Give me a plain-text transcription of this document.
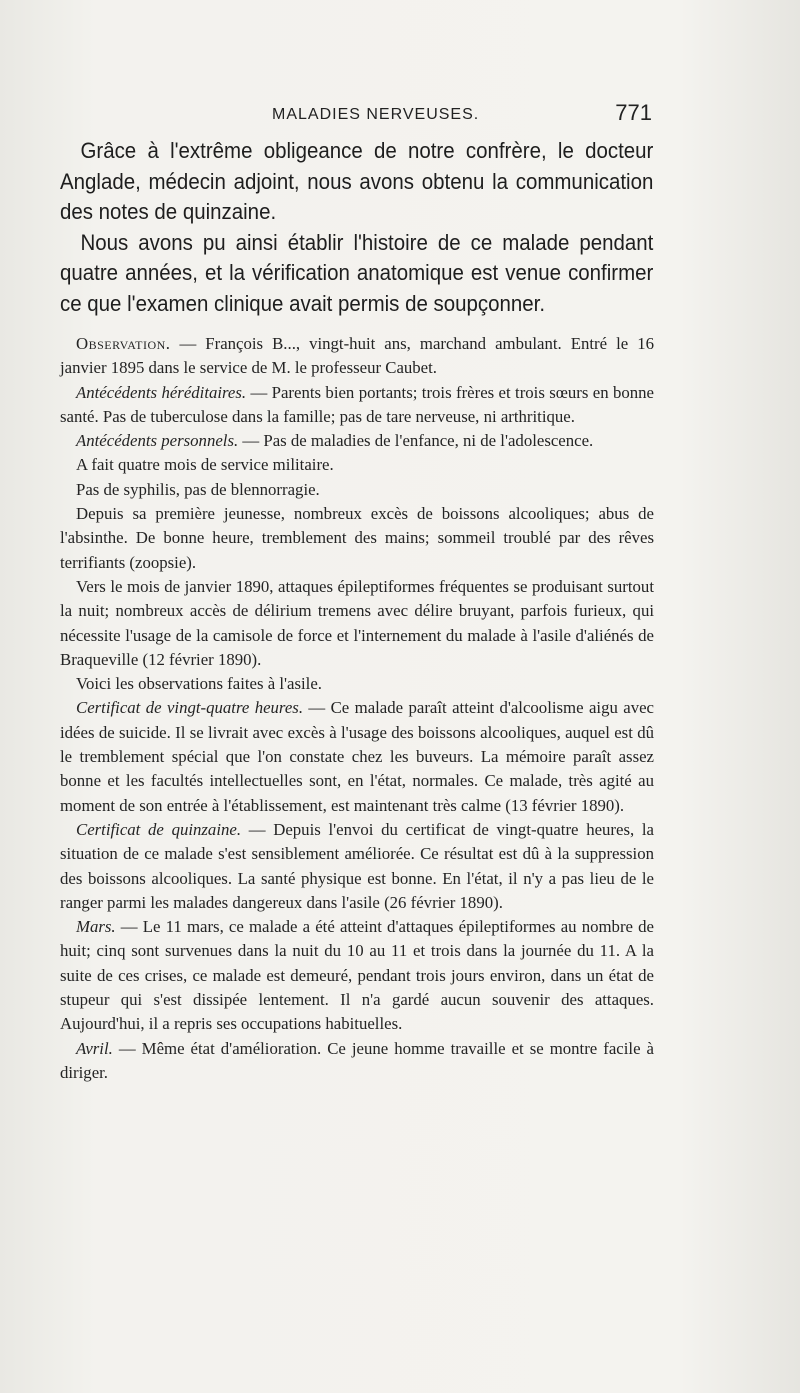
MALADIES NERVEUSES.	771

Grâce à l'extrême obligeance de notre confrère, le docteur Anglade, médecin adjoint, nous avons obtenu la communication des notes de quinzaine.

Nous avons pu ainsi établir l'histoire de ce malade pendant quatre années, et la vérification anatomique est venue confirmer ce que l'examen clinique avait permis de soupçonner.

Observation. — François B..., vingt-huit ans, marchand ambulant. Entré le 16 janvier 1895 dans le service de M. le professeur Caubet.

Antécédents héréditaires. — Parents bien portants; trois frères et trois sœurs en bonne santé. Pas de tuberculose dans la famille; pas de tare nerveuse, ni arthritique.

Antécédents personnels. — Pas de maladies de l'enfance, ni de l'adolescence.

A fait quatre mois de service militaire.

Pas de syphilis, pas de blennorragie.

Depuis sa première jeunesse, nombreux excès de boissons alcooliques; abus de l'absinthe. De bonne heure, tremblement des mains; sommeil troublé par des rêves terrifiants (zoopsie).

Vers le mois de janvier 1890, attaques épileptiformes fréquentes se produisant surtout la nuit; nombreux accès de délirium tremens avec délire bruyant, parfois furieux, qui nécessite l'usage de la camisole de force et l'internement du malade à l'asile d'aliénés de Braqueville (12 février 1890).

Voici les observations faites à l'asile.

Certificat de vingt-quatre heures. — Ce malade paraît atteint d'alcoolisme aigu avec idées de suicide. Il se livrait avec excès à l'usage des boissons alcooliques, auquel est dû le tremblement spécial que l'on constate chez les buveurs. La mémoire paraît assez bonne et les facultés intellectuelles sont, en l'état, normales. Ce malade, très agité au moment de son entrée à l'établissement, est maintenant très calme (13 février 1890).

Certificat de quinzaine. — Depuis l'envoi du certificat de vingt-quatre heures, la situation de ce malade s'est sensiblement améliorée. Ce résultat est dû à la suppression des boissons alcooliques. La santé physique est bonne. En l'état, il n'y a pas lieu de le ranger parmi les malades dangereux dans l'asile (26 février 1890).

Mars. — Le 11 mars, ce malade a été atteint d'attaques épileptiformes au nombre de huit; cinq sont survenues dans la nuit du 10 au 11 et trois dans la journée du 11. A la suite de ces crises, ce malade est demeuré, pendant trois jours environ, dans un état de stupeur qui s'est dissipée lentement. Il n'a gardé aucun souvenir des attaques. Aujourd'hui, il a repris ses occupations habituelles.

Avril. — Même état d'amélioration. Ce jeune homme travaille et se montre facile à diriger.
